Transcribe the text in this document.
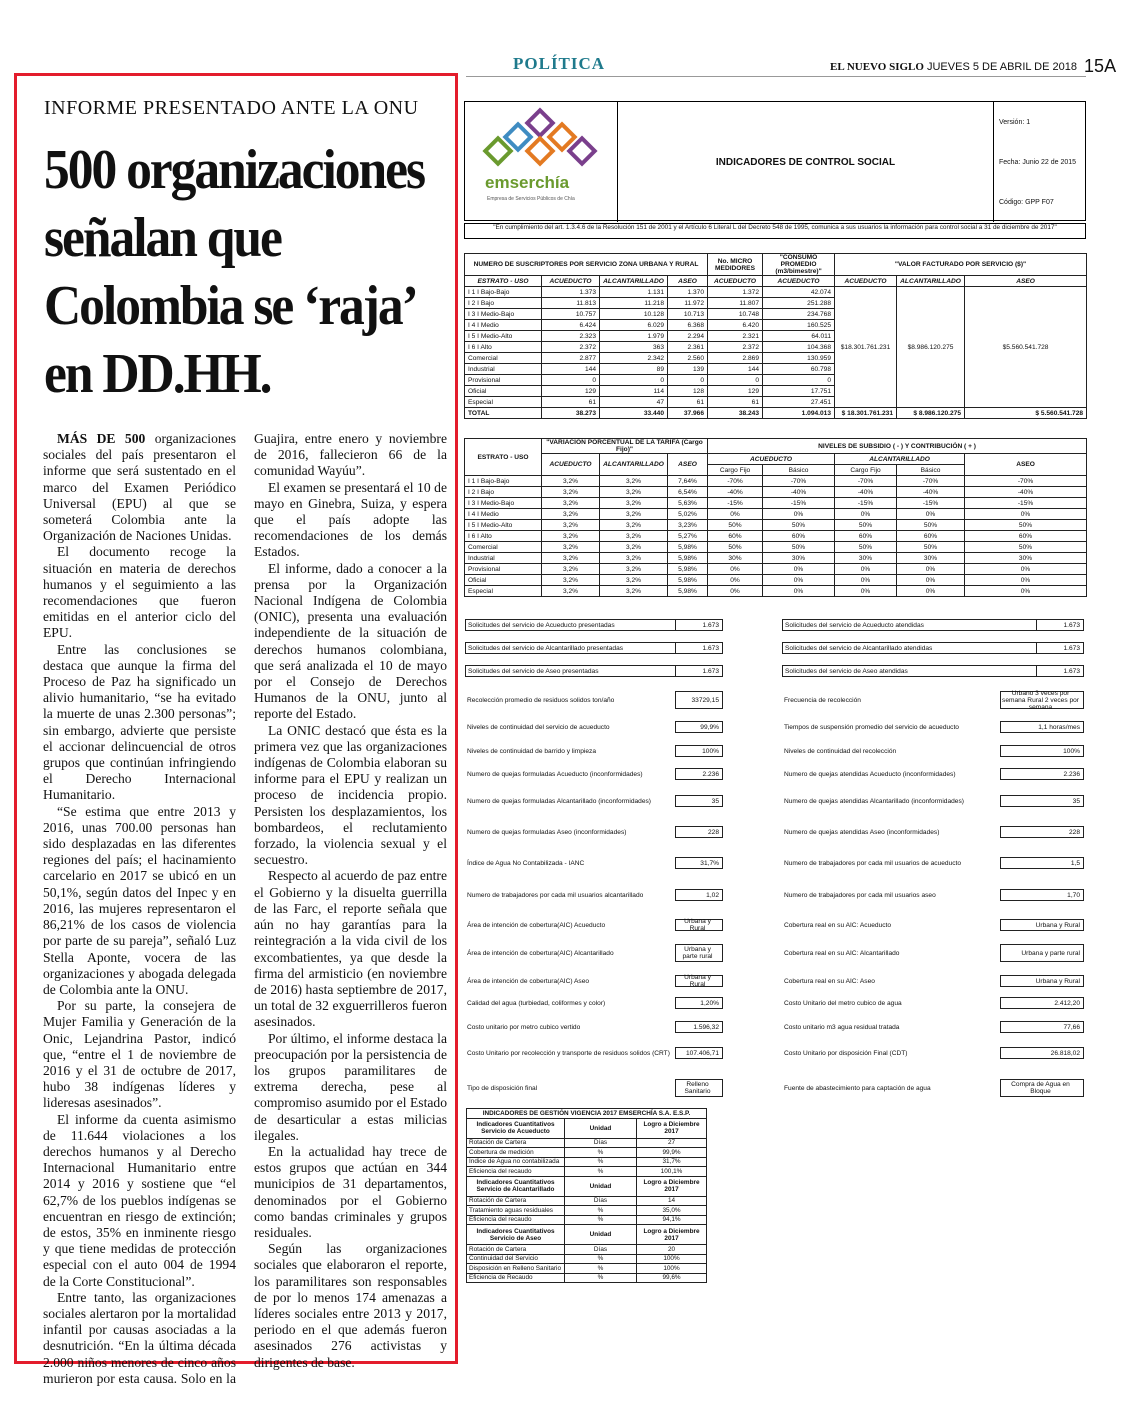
POLÍTICA	EL NUEVO SIGLO JUEVES 5 DE ABRIL DE 2018 15A
INFORME PRESENTADO ANTE LA ONU
500 organizaciones señalan que Colombia se ‘raja’ en DD.HH.

MÁS DE 500 organizaciones sociales del país presentaron el informe que será sustentado en el marco del Examen Periódico Universal (EPU) al que se someterá Colombia ante la Organización de Naciones Unidas.

El documento recoge la situación en materia de derechos humanos y el seguimiento a las recomendaciones que fueron emitidas en el anterior ciclo del EPU.

Entre las conclusiones se destaca que aunque la firma del Proceso de Paz ha significado un alivio humanitario, “se ha evitado la muerte de unas 2.300 personas”; sin embargo, advierte que persiste el accionar delincuencial de otros grupos que continúan infringiendo el Derecho Internacional Humanitario.

“Se estima que entre 2013 y 2016, unas 700.00 personas han sido desplazadas en las diferentes regiones del país; el hacinamiento carcelario en 2017 se ubicó en un 50,1%, según datos del Inpec y en 2016, las mujeres representaron el 86,21% de los casos de violencia por parte de su pareja”, señaló Luz Stella Aponte, vocera de las organizaciones y abogada delegada de Colombia ante la ONU.

Por su parte, la consejera de Mujer Familia y Generación de la Onic, Lejandrina Pastor, indicó que, “entre el 1 de noviembre de 2016 y el 31 de octubre de 2017, hubo 38 indígenas líderes y lideresas asesinados”.

El informe da cuenta asimismo de 11.644 violaciones a los derechos humanos y al Derecho Internacional Humanitario entre 2014 y 2016 y sostiene que “el 62,7% de los pueblos indígenas se encuentran en riesgo de extinción; de estos, 35% en inminente riesgo y que tiene medidas de protección especial con el auto 004 de 1994 de la Corte Constitucional”.

Entre tanto, las organizaciones sociales alertaron por la mortalidad infantil por causas asociadas a la desnutrición. “En la última década 2.000 niños menores de cinco años murieron por esta causa. Solo en la Guajira, entre enero y noviembre de 2016, fallecieron 66 de la comunidad Wayúu”.

El examen se presentará el 10 de mayo en Ginebra, Suiza, y espera que el país adopte las recomendaciones de los demás Estados.

El informe, dado a conocer a la prensa por la Organización Nacional Indígena de Colombia (ONIC), presenta una evaluación independiente de la situación de derechos humanos colombiana, que será analizada el 10 de mayo por el Consejo de Derechos Humanos de la ONU, junto al reporte del Estado.

La ONIC destacó que ésta es la primera vez que las organizaciones indígenas de Colombia elaboran su informe para el EPU y realizan un proceso de incidencia propio. Persisten los desplazamientos, los bombardeos, el reclutamiento forzado, la violencia sexual y el secuestro.

Respecto al acuerdo de paz entre el Gobierno y la disuelta guerrilla de las Farc, el reporte señala que aún no hay garantías para la reintegración a la vida civil de los excombatientes, ya que desde la firma del armisticio (en noviembre de 2016) hasta septiembre de 2017, un total de 32 exguerrilleros fueron asesinados.

Por último, el informe destaca la preocupación por la persistencia de los grupos paramilitares de extrema derecha, pese al compromiso asumido por el Estado de desarticular a estas milicias ilegales.

En la actualidad hay trece de estos grupos que actúan en 344 municipios de 31 departamentos, denominados por el Gobierno como bandas criminales y grupos residuales.

Según las organizaciones sociales que elaboraron el reporte, los paramilitares son responsables de por lo menos 174 amenazas a líderes sociales entre 2013 y 2017, periodo en el que además fueron asesinados 276 activistas y dirigentes de base.

emserchía
Empresa de Servicios Públicos de Chía
INDICADORES DE CONTROL SOCIAL
Versión: 1
Fecha: Junio 22 de 2015
Código: GPP F07
"En cumplimiento del art. 1.3.4.6 de la Resolución 151 de 2001 y el Artículo 6 Literal L del Decreto 548 de 1995, comunica a sus usuarios la información para control social a 31 de diciembre de 2017"
NUMERO DE SUSCRIPTORES POR SERVICIO ZONA URBANA Y RURAL				No. MICRO MEDIDORES	"CONSUMO PROMEDIO (m3/bimestre)"	"VALOR FACTURADO POR SERVICIO ($)"		
ESTRATO - USO	ACUEDUCTO	ALCANTARILLADO	ASEO	ACUEDUCTO	ACUEDUCTO	ACUEDUCTO	ALCANTARILLADO	ASEO
I 1 I Bajo-Bajo	1.373	1.131	1.370	1.372	42.074	$18.301.761.231	$8.986.120.275	$5.560.541.728
I 2 I Bajo	11.813	11.218	11.972	11.807	251.288			
I 3 I Medio-Bajo	10.757	10.128	10.713	10.748	234.768			
I 4 I Medio	6.424	6.029	6.368	6.420	160.525			
I 5 I Medio-Alto	2.323	1.979	2.294	2.321	64.011			
I 6 I Alto	2.372	363	2.361	2.372	104.368			
Comercial	2.877	2.342	2.560	2.869	130.959			
Industrial	144	89	139	144	60.798			
Provisional	0	0	0	0	0			
Oficial	129	114	128	129	17.751			
Especial	61	47	61	61	27.451			
TOTAL	38.273	33.440	37.966	38.243	1.094.013	$ 18.301.761.231	$ 8.986.120.275	$ 5.560.541.728
ESTRATO - USO	"VARIACIÓN PORCENTUAL DE LA TARIFA (Cargo Fijo)"			NIVELES DE SUBSIDIO ( - ) Y CONTRIBUCIÓN ( + )				
	ACUEDUCTO	ALCANTARILLADO	ASEO	ACUEDUCTO		ALCANTARILLADO		ASEO
				Cargo Fijo	Básico	Cargo Fijo	Básico	
I 1 I Bajo-Bajo	3,2%	3,2%	7,64%	-70%	-70%	-70%	-70%	-70%
I 2 I Bajo	3,2%	3,2%	6,54%	-40%	-40%	-40%	-40%	-40%
I 3 I Medio-Bajo	3,2%	3,2%	5,63%	-15%	-15%	-15%	-15%	-15%
I 4 I Medio	3,2%	3,2%	5,02%	0%	0%	0%	0%	0%
I 5 I Medio-Alto	3,2%	3,2%	3,23%	50%	50%	50%	50%	50%
I 6 I Alto	3,2%	3,2%	5,27%	60%	60%	60%	60%	60%
Comercial	3,2%	3,2%	5,98%	50%	50%	50%	50%	50%
Industrial	3,2%	3,2%	5,98%	30%	30%	30%	30%	30%
Provisional	3,2%	3,2%	5,98%	0%	0%	0%	0%	0%
Oficial	3,2%	3,2%	5,98%	0%	0%	0%	0%	0%
Especial	3,2%	3,2%	5,98%	0%	0%	0%	0%	0%
Solicitudes del servicio de Acueducto presentadas	1.673	Solicitudes del servicio de Acueducto atendidas	1.673
Solicitudes del servicio de Alcantarillado presentadas	1.673	Solicitudes del servicio de Alcantarillado atendidas	1.673
Solicitudes del servicio de Aseo presentadas	1.673	Solicitudes del servicio de Aseo atendidas	1.673
Recolección promedio de residuos solidos ton/año	33729,15	Frecuencia de recolección
Urbano 3 veces por semana Rural 2 veces por semana
Niveles de continuidad del servicio de acueducto	99,9%	Tiempos de suspensión promedio del servicio de acueducto	1,1 horas/mes
Niveles de continuidad de barrido y limpieza	100%	Niveles de continuidad del recolección	100%
Numero de quejas formuladas Acueducto (inconformidades)	2.236	Numero de quejas atendidas Acueducto (inconformidades)	2.236
Numero de quejas formuladas Alcantarillado (inconformidades)	35	Numero de quejas atendidas Alcantarillado (inconformidades)	35
Numero de quejas formuladas Aseo (inconformidades)	228	Numero de quejas atendidas Aseo (inconformidades)	228
Índice de Agua No Contabilizada - IANC	31,7%	Numero de trabajadores por cada mil usuarios de acueducto	1,5
Numero de trabajadores por cada mil usuarios alcantarillado	1,02	Numero de trabajadores por cada mil usuarios aseo	1,70
Área de intención de cobertura(AIC) Acueducto	Urbana y Rural	Cobertura real en su AIC: Acueducto	Urbana y Rural
Área de intención de cobertura(AIC) Alcantarillado	Urbana y parte rural	Cobertura real en su AIC: Alcantarillado	Urbana y parte rural
Área de intención de cobertura(AIC) Aseo	Urbana y Rural	Cobertura real en su AIC: Aseo	Urbana y Rural
Calidad del agua (turbiedad, coliformes y color)	1,20%	Costo Unitario del metro cubico de agua	2.412,20
Costo unitario por metro cubico vertido	1.596,32	Costo unitario m3 agua residual tratada	77,66
Costo Unitario por recolección y transporte de residuos solidos (CRT)	107.406,71	Costo Unitario por disposición Final (CDT)	26.818,02
Tipo de disposición final	Relleno Sanitario	Fuente de abastecimiento para captación de agua	Compra de Agua en Bloque
INDICADORES DE GESTIÓN VIGENCIA 2017 EMSERCHÍA S.A. E.S.P.		
Indicadores Cuantitativos Servicio de Acueducto	Unidad	Logro a Diciembre 2017
Rotación de Cartera	Días	27
Cobertura de medición	%	99,9%
Indice de Agua no contabilizada	%	31,7%
Eficiencia del recaudo	%	100,1%
Indicadores Cuantitativos Servicio de Alcantarillado	Unidad	Logro a Diciembre 2017
Rotación de Cartera	Días	14
Tratamiento aguas residuales	%	35,0%
Eficiencia del recaudo	%	94,1%
Indicadores Cuantitativos Servicio de Aseo	Unidad	Logro a Diciembre 2017
Rotación de Cartera	Días	20
Continuidad del Servicio	%	100%
Disposición en Relleno Sanitario	%	100%
Eficiencia de Recaudo	%	99,6%
